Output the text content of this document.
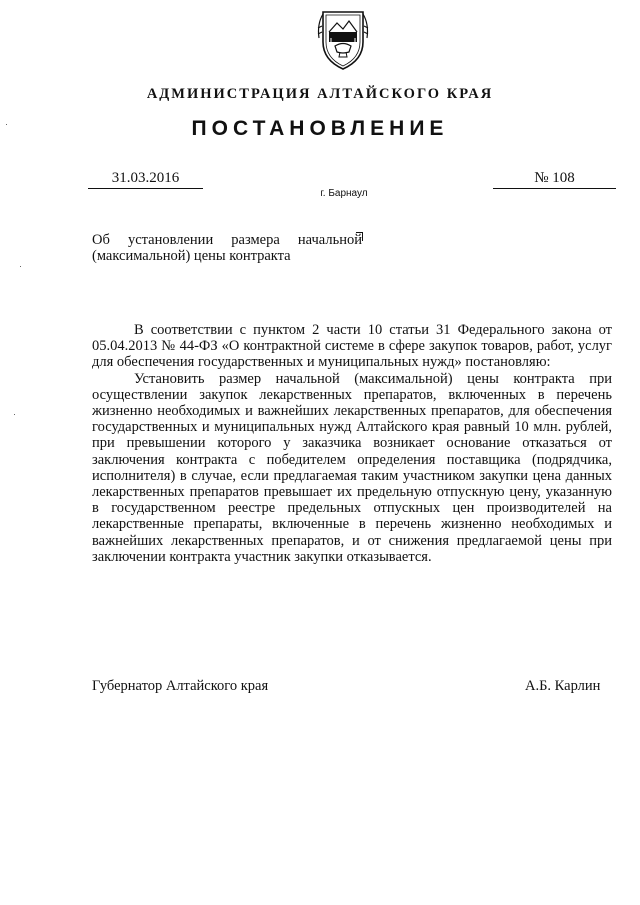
АДМИНИСТРАЦИЯ АЛТАЙСКОГО КРАЯ
ПОСТАНОВЛЕНИЕ
31.03.2016	№ 108
г. Барнаул
Об установлении размера начальной
(максимальной) цены контракта

В соответствии с пунктом 2 части 10 статьи 31 Федерального закона от 05.04.2013 № 44-ФЗ «О контрактной системе в сфере закупок товаров, работ, услуг для обеспечения государственных и муниципальных нужд» постановляю:

Установить размер начальной (максимальной) цены контракта при осуществлении закупок лекарственных препаратов, включенных в перечень жизненно необходимых и важнейших лекарственных препаратов, для обеспечения государственных и муниципальных нужд Алтайского края равный 10 млн. рублей, при превышении которого у заказчика возникает основание отказаться от заключения контракта с победителем определения поставщика (подрядчика, исполнителя) в случае, если предлагаемая таким участником закупки цена данных лекарственных препаратов превышает их предельную отпускную цену, указанную в государственном реестре предельных отпускных цен производителей на лекарственные препараты, включенные в перечень жизненно необходимых и важнейших лекарственных препаратов, и от снижения предлагаемой цены при заключении контракта участник закупки отказывается.

Губернатор Алтайского края	А.Б. Карлин
